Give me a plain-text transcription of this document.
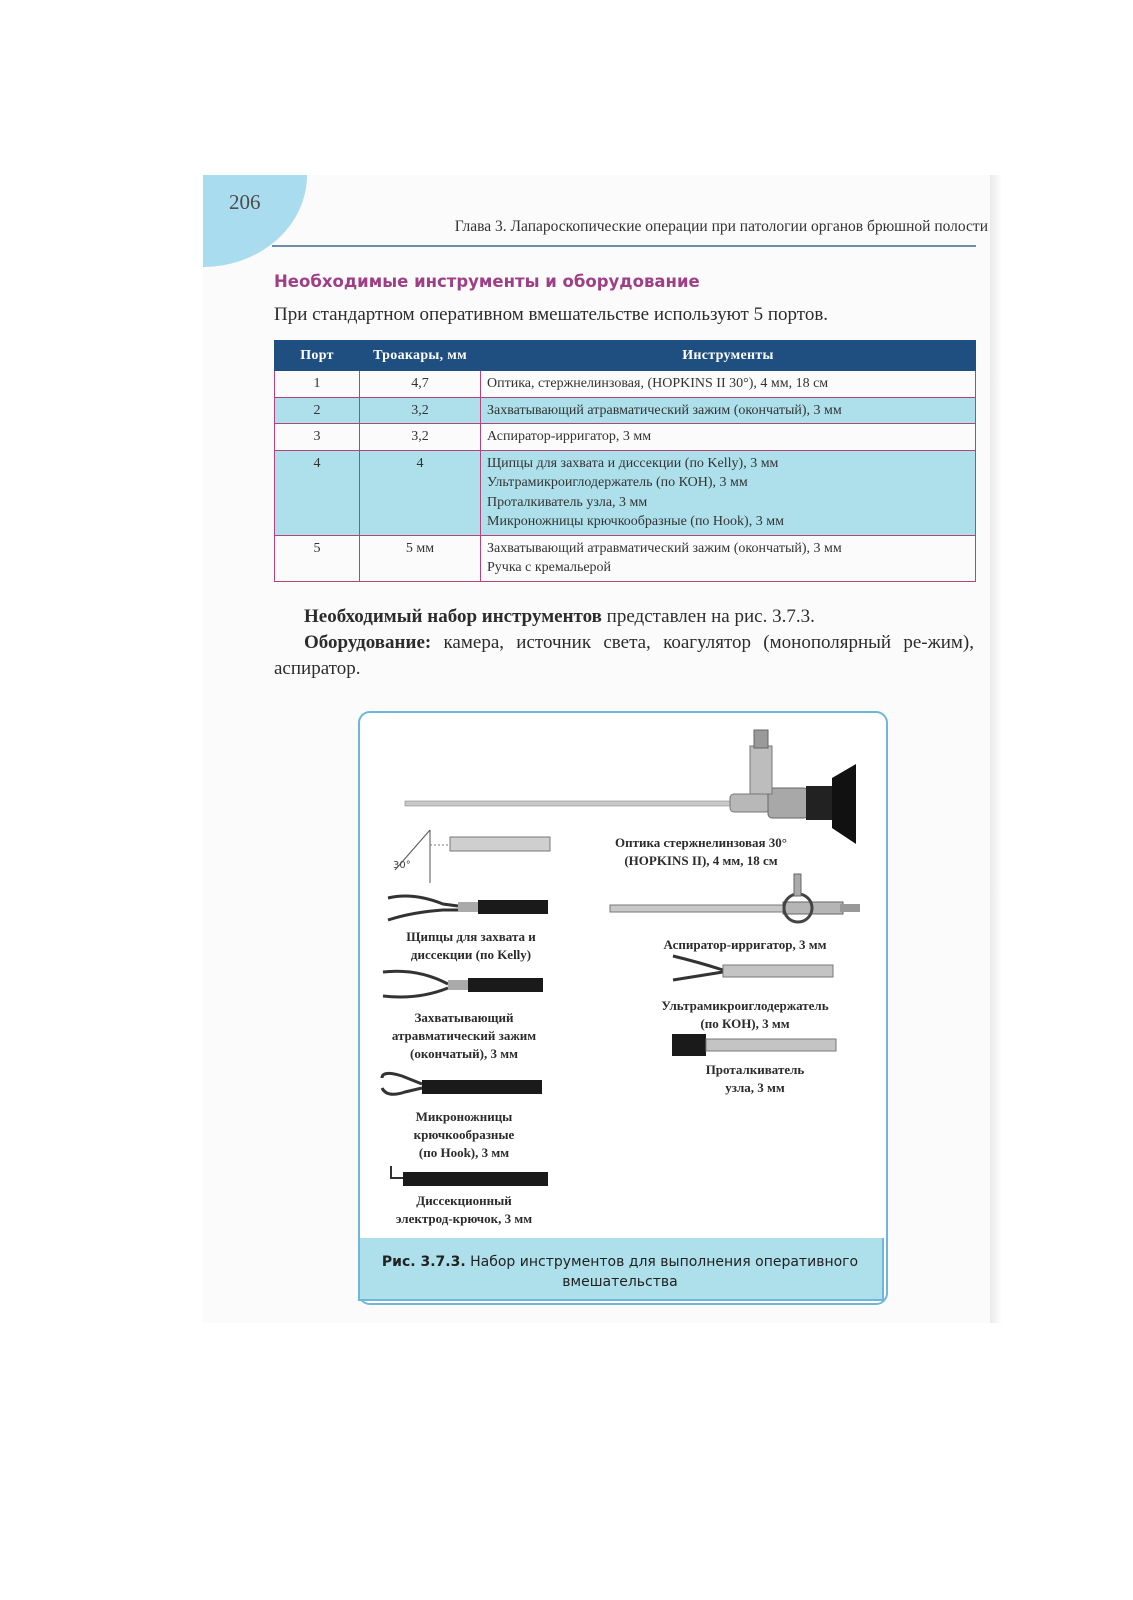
206
Глава 3. Лапароскопические операции при патологии органов брюшной полости
Необходимые инструменты и оборудование
При стандартном оперативном вмешательстве используют 5 портов.
Порт	Троакары, мм	Инструменты
1	4,7	Оптика, стержнелинзовая, (HOPKINS II 30°), 4 мм, 18 см

2	3,2	Захватывающий атравматический зажим (окончатый), 3 мм

3	3,2	Аспиратор-ирригатор, 3 мм

4	4	Щипцы для захвата и диссекции (по Kelly), 3 мм
Ультрамикроиглодержатель (по КОН), 3 мм
Проталкиватель узла, 3 мм
Микроножницы крючкообразные (по Hook), 3 мм

5	5 мм	Захватывающий атравматический зажим (окончатый), 3 мм
Ручка с кремальерой
Необходимый набор инструментов представлен на рис. 3.7.3.
Оборудование: камера, источник света, коагулятор (монополярный ре-жим), аспиратор.
30°
Оптика стержнелинзовая 30°
(HOPKINS II), 4 мм, 18 см
Щипцы для захвата и
диссекции (по Kelly)
Захватывающий
атравматический зажим
(окончатый), 3 мм
Микроножницы
крючкообразные
(по Hook), 3 мм
Диссекционный
электрод-крючок, 3 мм
Аспиратор-ирригатор, 3 мм
Ультрамикроиглодержатель
(по КОН), 3 мм
Проталкиватель
узла, 3 мм
Рис. 3.7.3. Набор инструментов для выполнения оперативного вмешательства
